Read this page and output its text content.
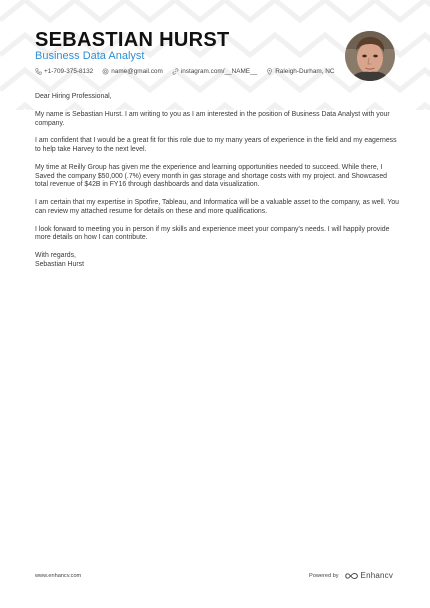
SEBASTIAN HURST
Business Data Analyst
+1-709-375-8132	name@gmail.com	instagram.com/__NAME__	Raleigh-Durham, NC

Dear Hiring Professional,

My name is Sebastian Hurst. I am writing to you as I am interested in the position of Business Data Analyst with your company.

I am confident that I would be a great fit for this role due to my many years of experience in the field and my eagerness to help take Harvey to the next level.

My time at Reilly Group has given me the experience and learning opportunities needed to succeed. While there, I Saved the company $50,000 (.7%) every month in gas storage and shortage costs with my project. and Showcased total revenue of $42B in FY16 through dashboards and data visualization.

I am certain that my expertise in Spotfire, Tableau, and Informatica will be a valuable asset to the company, as well. You can review my attached resume for details on these and more qualifications.

I look forward to meeting you in person if my skills and experience meet your company's needs. I will happily provide more details on how I can contribute.

With regards,
Sebastian Hurst
www.enhancv.com	Powered by	Enhancv
